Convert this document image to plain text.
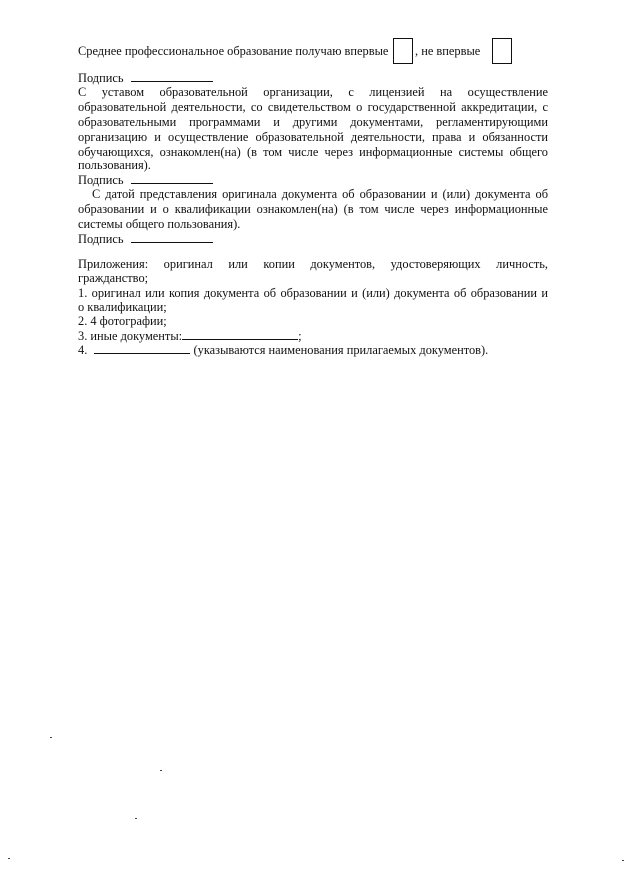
Среднее профессиональное образование получаю впервые , не впервые
Подпись
С уставом образовательной организации, с лицензией на осуществление
образовательной деятельности, со свидетельством о государственной аккредитации, с
образовательными программами и другими документами, регламентирующими
организацию и осуществление образовательной деятельности, права и обязанности
обучающихся, ознакомлен(на) (в том числе через информационные системы общего
пользования).
Подпись
С датой представления оригинала документа об образовании и (или) документа об
образовании и о квалификации ознакомлен(на) (в том числе через информационные
системы общего пользования).
Подпись
Приложения: оригинал или копии документов, удостоверяющих личность,
гражданство;
1. оригинал или копия документа об образовании и (или) документа об образовании и
о квалификации;
2. 4 фотографии;
3. иные документы:	;
4.	(указываются наименования прилагаемых документов).
